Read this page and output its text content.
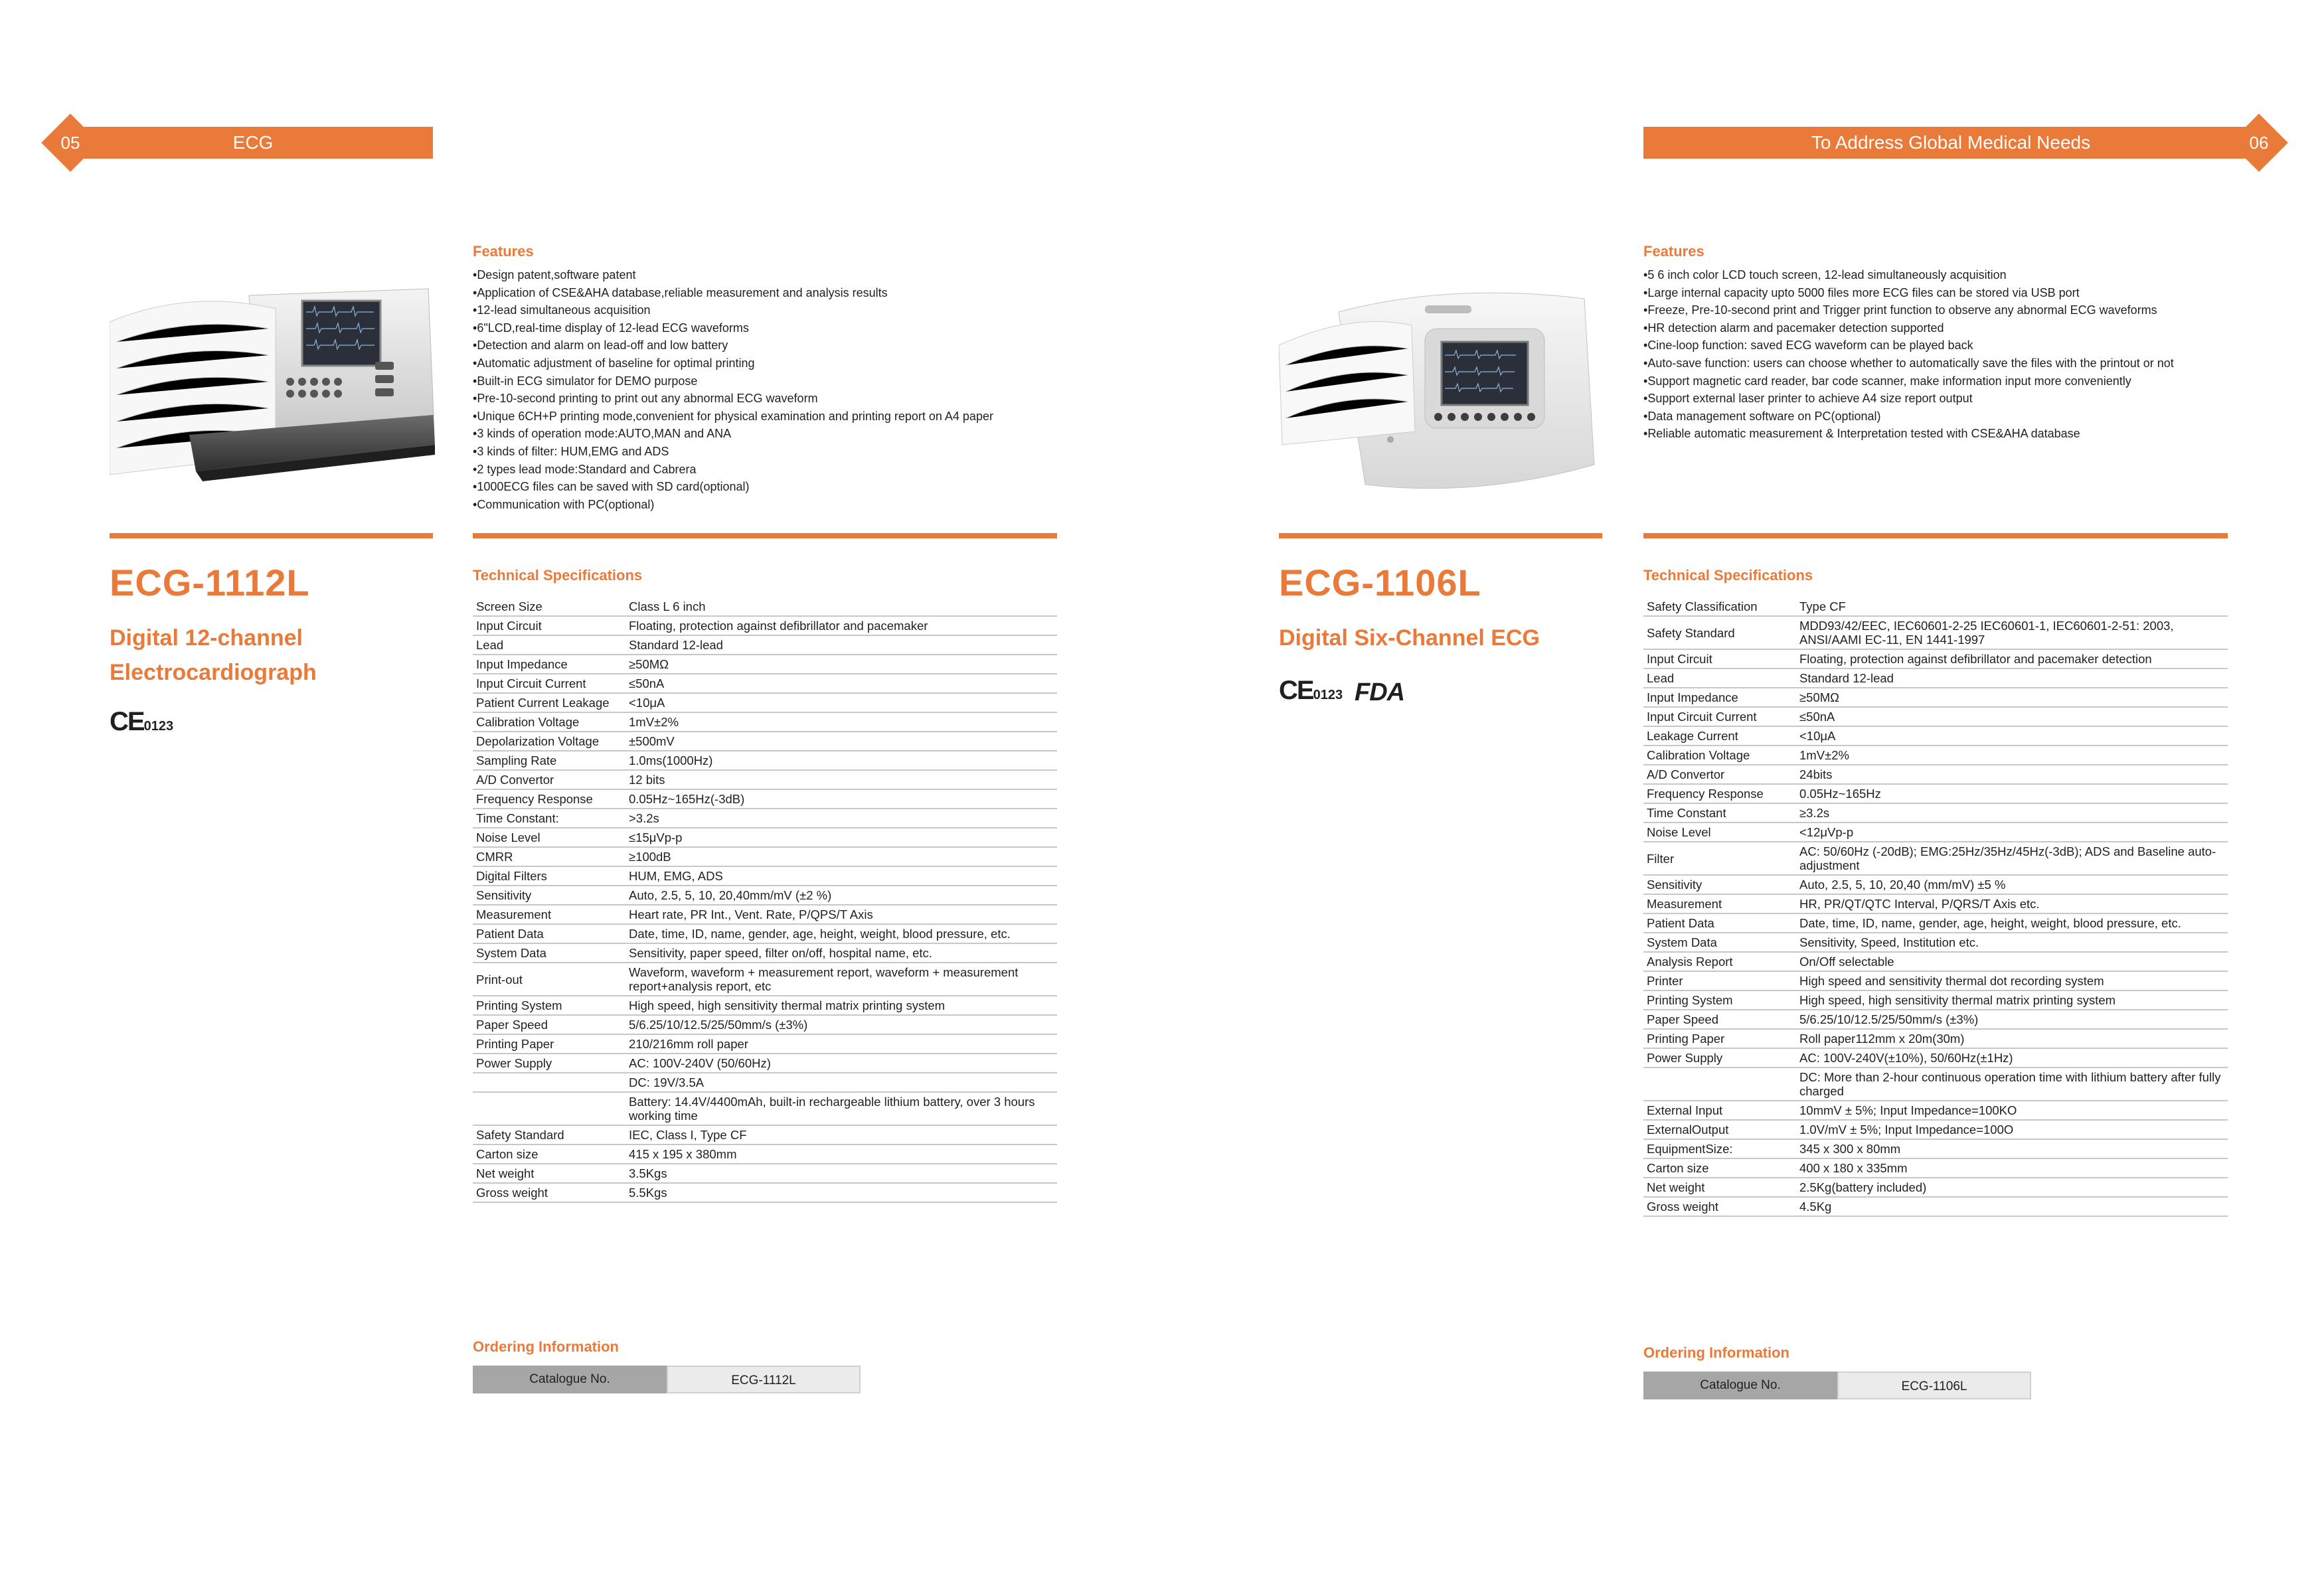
ECG
05
Features
• Design patent,software patent
• Application of CSE&AHA database,reliable measurement and analysis results
• 12-lead simultaneous acquisition
• 6"LCD,real-time display of 12-lead ECG waveforms
• Detection and alarm on lead-off and low battery
• Automatic adjustment of baseline for optimal printing
• Built-in ECG simulator for DEMO purpose
• Pre-10-second printing to print out any abnormal ECG waveform
• Unique 6CH+P printing mode,convenient for physical examination and printing report on A4 paper
• 3 kinds of operation mode:AUTO,MAN and ANA
• 3 kinds of filter: HUM,EMG and ADS
• 2 types lead mode:Standard and Cabrera
• 1000ECG files can be saved with SD card(optional)
• Communication with PC(optional)
ECG-1112L
Digital 12-channel
Electrocardiograph
CE0123
Technical Specifications
Screen Size	Class L 6 inch
Input Circuit	Floating, protection against defibrillator and pacemaker
Lead	Standard 12-lead
Input Impedance	≥50MΩ
Input Circuit Current	≤50nA
Patient Current Leakage	<10μA
Calibration Voltage	1mV±2%
Depolarization Voltage	±500mV
Sampling Rate	1.0ms(1000Hz)
A/D Convertor	12 bits
Frequency Response	0.05Hz~165Hz(-3dB)
Time Constant:	>3.2s
Noise Level	≤15μVp-p
CMRR	≥100dB
Digital Filters	HUM, EMG, ADS
Sensitivity	Auto, 2.5, 5, 10, 20,40mm/mV (±2 %)
Measurement	Heart rate, PR Int., Vent. Rate, P/QPS/T Axis
Patient Data	Date, time, ID, name, gender, age, height, weight, blood pressure, etc.
System Data	Sensitivity, paper speed, filter on/off, hospital name, etc.
Print-out	Waveform, waveform + measurement report, waveform + measurement report+analysis report, etc
Printing System	High speed, high sensitivity thermal matrix printing system
Paper Speed	5/6.25/10/12.5/25/50mm/s (±3%)
Printing Paper	210/216mm roll paper
Power Supply	AC: 100V-240V (50/60Hz)
	DC: 19V/3.5A
	Battery: 14.4V/4400mAh, built-in rechargeable lithium battery, over 3 hours working time
Safety Standard	IEC, Class I, Type CF
Carton size	415 x 195 x 380mm
Net weight	3.5Kgs
Gross weight	5.5Kgs
Ordering Information
Catalogue No.	ECG-1112L
To Address Global Medical Needs	06
Features
• 5 6 inch color LCD touch screen, 12-lead simultaneously acquisition
• Large internal capacity upto 5000 files more ECG files can be stored via USB port
• Freeze, Pre-10-second print and Trigger print function to observe any abnormal ECG waveforms
• HR detection alarm and pacemaker detection supported
• Cine-loop function: saved ECG waveform can be played back
• Auto-save function: users can choose whether to automatically save the files with the printout or not
• Support magnetic card reader, bar code scanner, make information input more conveniently
• Support external laser printer to achieve A4 size report output
• Data management software on PC(optional)
• Reliable automatic measurement & Interpretation tested with CSE&AHA database
ECG-1106L
Digital Six-Channel ECG
CE0123 FDA
Technical Specifications
Safety Classification	Type CF
Safety Standard	MDD93/42/EEC, IEC60601-2-25 IEC60601-1, IEC60601-2-51: 2003, ANSI/AAMI EC-11, EN 1441-1997
Input Circuit	Floating, protection against defibrillator and pacemaker detection
Lead	Standard 12-lead
Input Impedance	≥50MΩ
Input Circuit Current	≤50nA
Leakage Current	<10μA
Calibration Voltage	1mV±2%
A/D Convertor	24bits
Frequency Response	0.05Hz~165Hz
Time Constant	≥3.2s
Noise Level	<12μVp-p
Filter	AC: 50/60Hz (-20dB); EMG:25Hz/35Hz/45Hz(-3dB); ADS and Baseline auto-adjustment
Sensitivity	Auto, 2.5, 5, 10, 20,40 (mm/mV) ±5 %
Measurement	HR, PR/QT/QTC Interval, P/QRS/T Axis etc.
Patient Data	Date, time, ID, name, gender, age, height, weight, blood pressure, etc.
System Data	Sensitivity, Speed, Institution etc.
Analysis Report	On/Off selectable
Printer	High speed and sensitivity thermal dot recording system
Printing System	High speed, high sensitivity thermal matrix printing system
Paper Speed	5/6.25/10/12.5/25/50mm/s (±3%)
Printing Paper	Roll paper112mm x 20m(30m)
Power Supply	AC: 100V-240V(±10%), 50/60Hz(±1Hz)
	DC: More than 2-hour continuous operation time with lithium battery after fully charged
External Input	10mmV ± 5%; Input Impedance=100KO
ExternalOutput	1.0V/mV ± 5%; Input Impedance=100O
EquipmentSize:	345 x 300 x 80mm
Carton size	400 x 180 x 335mm
Net weight	2.5Kg(battery included)
Gross weight	4.5Kg
Ordering Information
Catalogue No.	ECG-1106L
